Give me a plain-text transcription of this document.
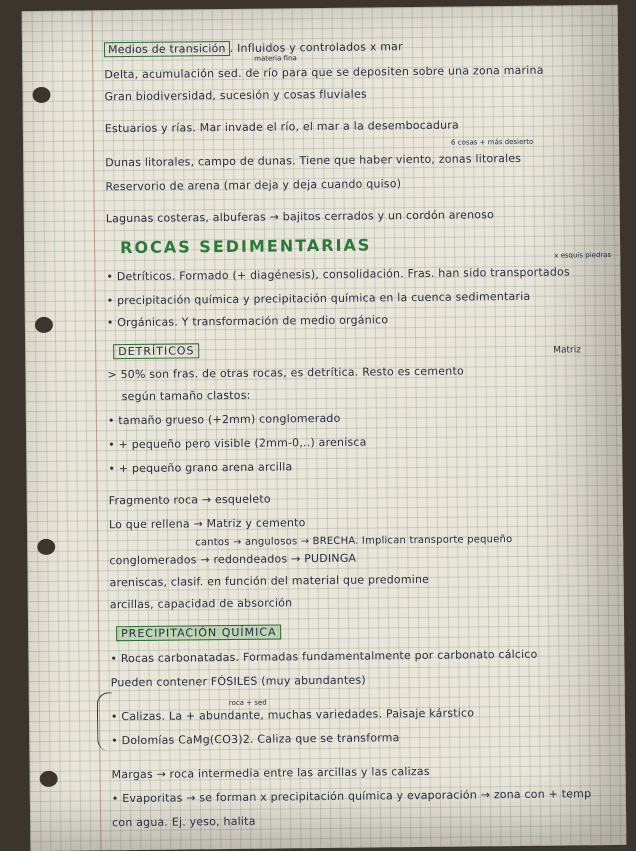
Medios de transición . Influidos y controlados x mar
materia fina
Delta, acumulación sed. de río para que se depositen sobre una zona marina
Gran biodiversidad, sucesión y cosas fluviales
Estuarios y rías. Mar invade el río, el mar a la desembocadura
6 cosas + más desierto
Dunas litorales, campo de dunas. Tiene que haber viento, zonas litorales
Reservorio de arena (mar deja y deja cuando quiso)
Lagunas costeras, albuferas → bajitos cerrados y un cordón arenoso
ROCAS SEDIMENTARIAS	x esquis piedras
• Detríticos. Formado (+ diagénesis), consolidación. Fras. han sido transportados
• precipitación química y precipitación química en la cuenca sedimentaria
• Orgánicas. Y transformación de medio orgánico
DETRÍTICOS	Matriz
> 50% son fras. de otras rocas, es detrítica. Resto es cemento
según tamaño clastos:
• tamaño grueso (+2mm) conglomerado
• + pequeño pero visible (2mm-0,..) arenisca
• + pequeño grano arena arcilla
Fragmento roca → esqueleto
Lo que rellena → Matriz y cemento
cantos → angulosos → BRECHA. Implican transporte pequeño
conglomerados → redondeados → PUDINGA
areniscas, clasif. en función del material que predomine
arcillas, capacidad de absorción
PRECIPITACIÓN QUÍMICA
• Rocas carbonatadas. Formadas fundamentalmente por carbonato cálcico
Pueden contener FÓSILES (muy abundantes)
roca + sed
• Calizas. La + abundante, muchas variedades. Paisaje kárstico
• Dolomías CaMg(CO3)2. Caliza que se transforma
Margas → roca intermedia entre las arcillas y las calizas
• Evaporitas → se forman x precipitación química y evaporación → zona con + temp
con agua. Ej. yeso, halita
